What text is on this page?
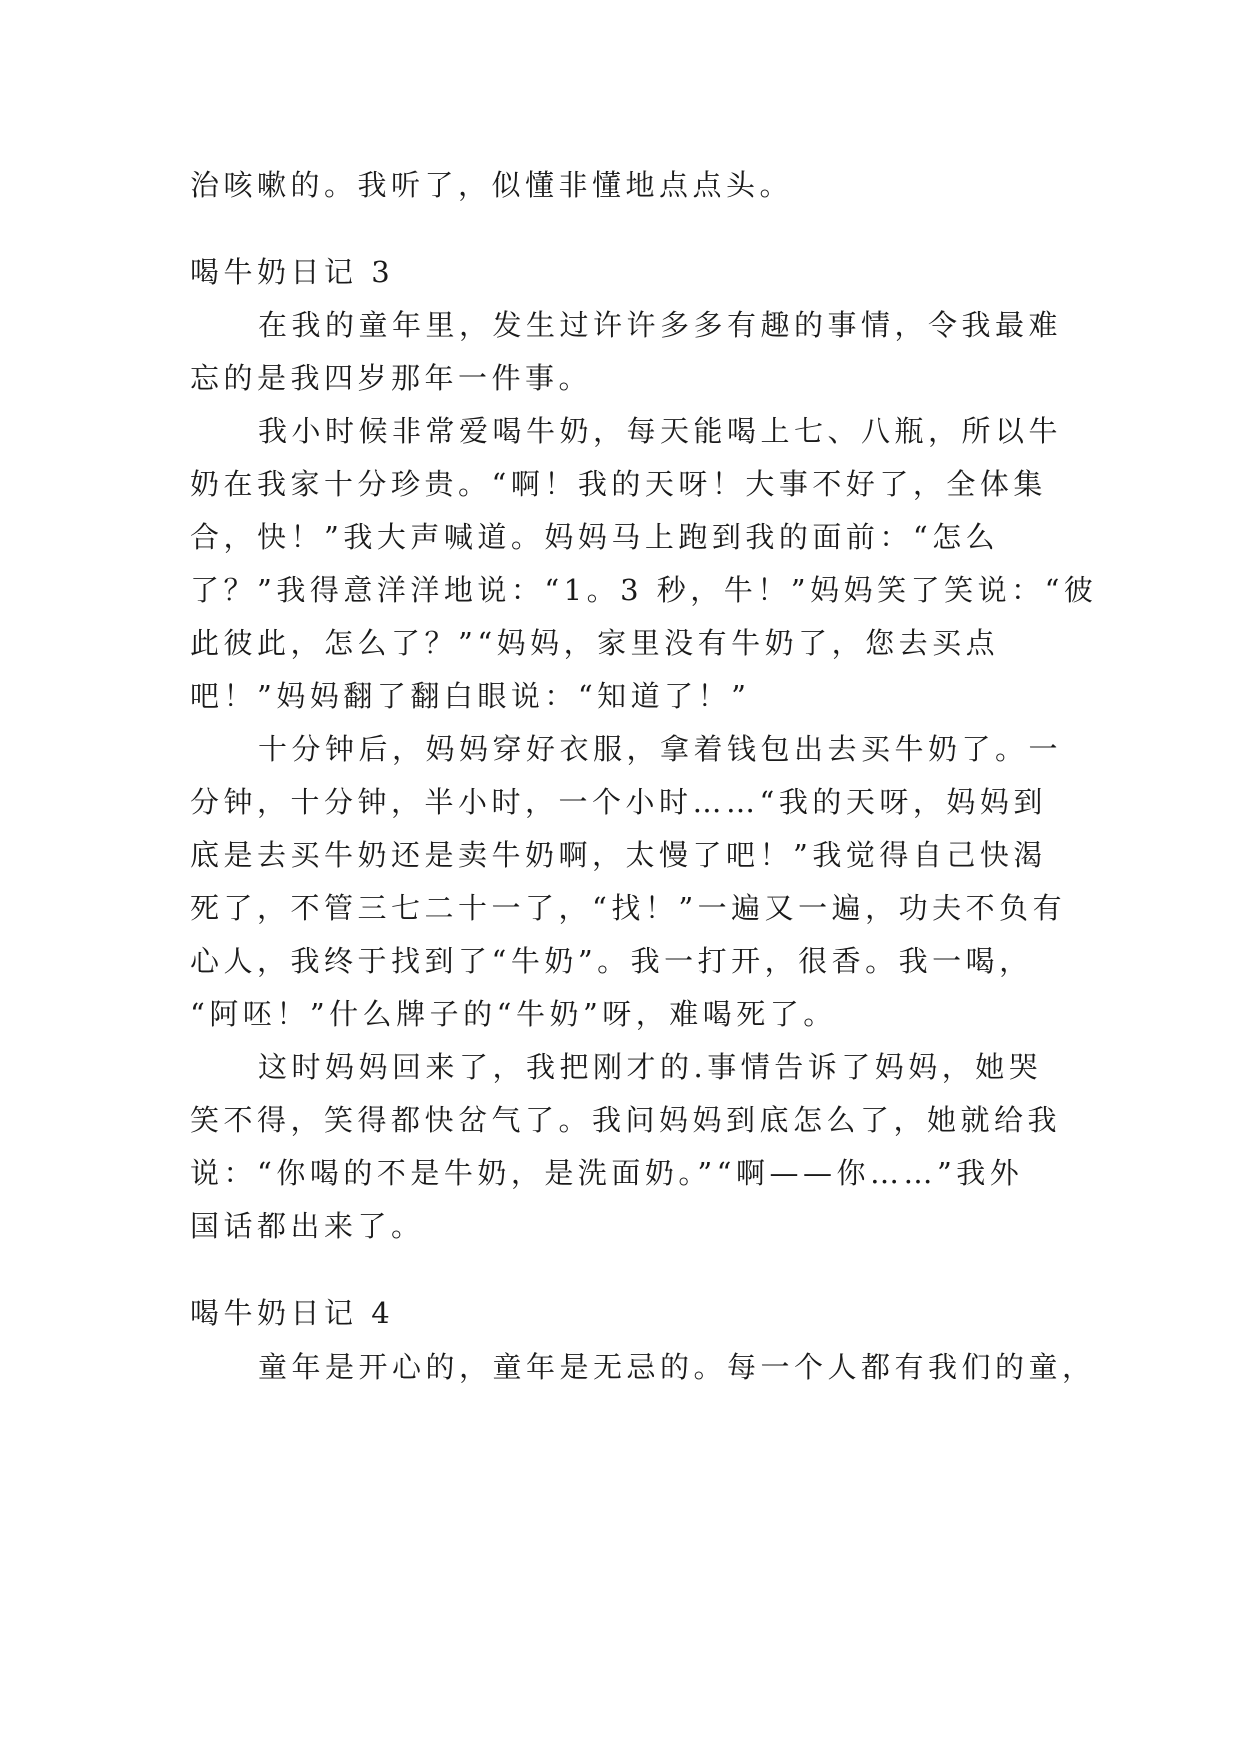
治咳嗽的。我听了，似懂非懂地点点头。

喝牛奶日记 3

在我的童年里，发生过许许多多有趣的事情，令我最难

忘的是我四岁那年一件事。

我小时候非常爱喝牛奶，每天能喝上七、八瓶，所以牛

奶在我家十分珍贵。“啊！我的天呀！大事不好了，全体集

合，快！”我大声喊道。妈妈马上跑到我的面前：“怎么

了？”我得意洋洋地说：“1。3 秒，牛！”妈妈笑了笑说：“彼

此彼此，怎么了？”“妈妈，家里没有牛奶了，您去买点

吧！”妈妈翻了翻白眼说：“知道了！”

十分钟后，妈妈穿好衣服，拿着钱包出去买牛奶了。一

分钟，十分钟，半小时，一个小时……“我的天呀，妈妈到

底是去买牛奶还是卖牛奶啊，太慢了吧！”我觉得自己快渴

死了，不管三七二十一了，“找！”一遍又一遍，功夫不负有

心人，我终于找到了“牛奶”。我一打开，很香。我一喝，

“阿呸！”什么牌子的“牛奶”呀，难喝死了。

这时妈妈回来了，我把刚才的.事情告诉了妈妈，她哭

笑不得，笑得都快岔气了。我问妈妈到底怎么了，她就给我

说：“你喝的不是牛奶，是洗面奶。”“啊——你……”我外

国话都出来了。

喝牛奶日记 4

童年是开心的，童年是无忌的。每一个人都有我们的童，
